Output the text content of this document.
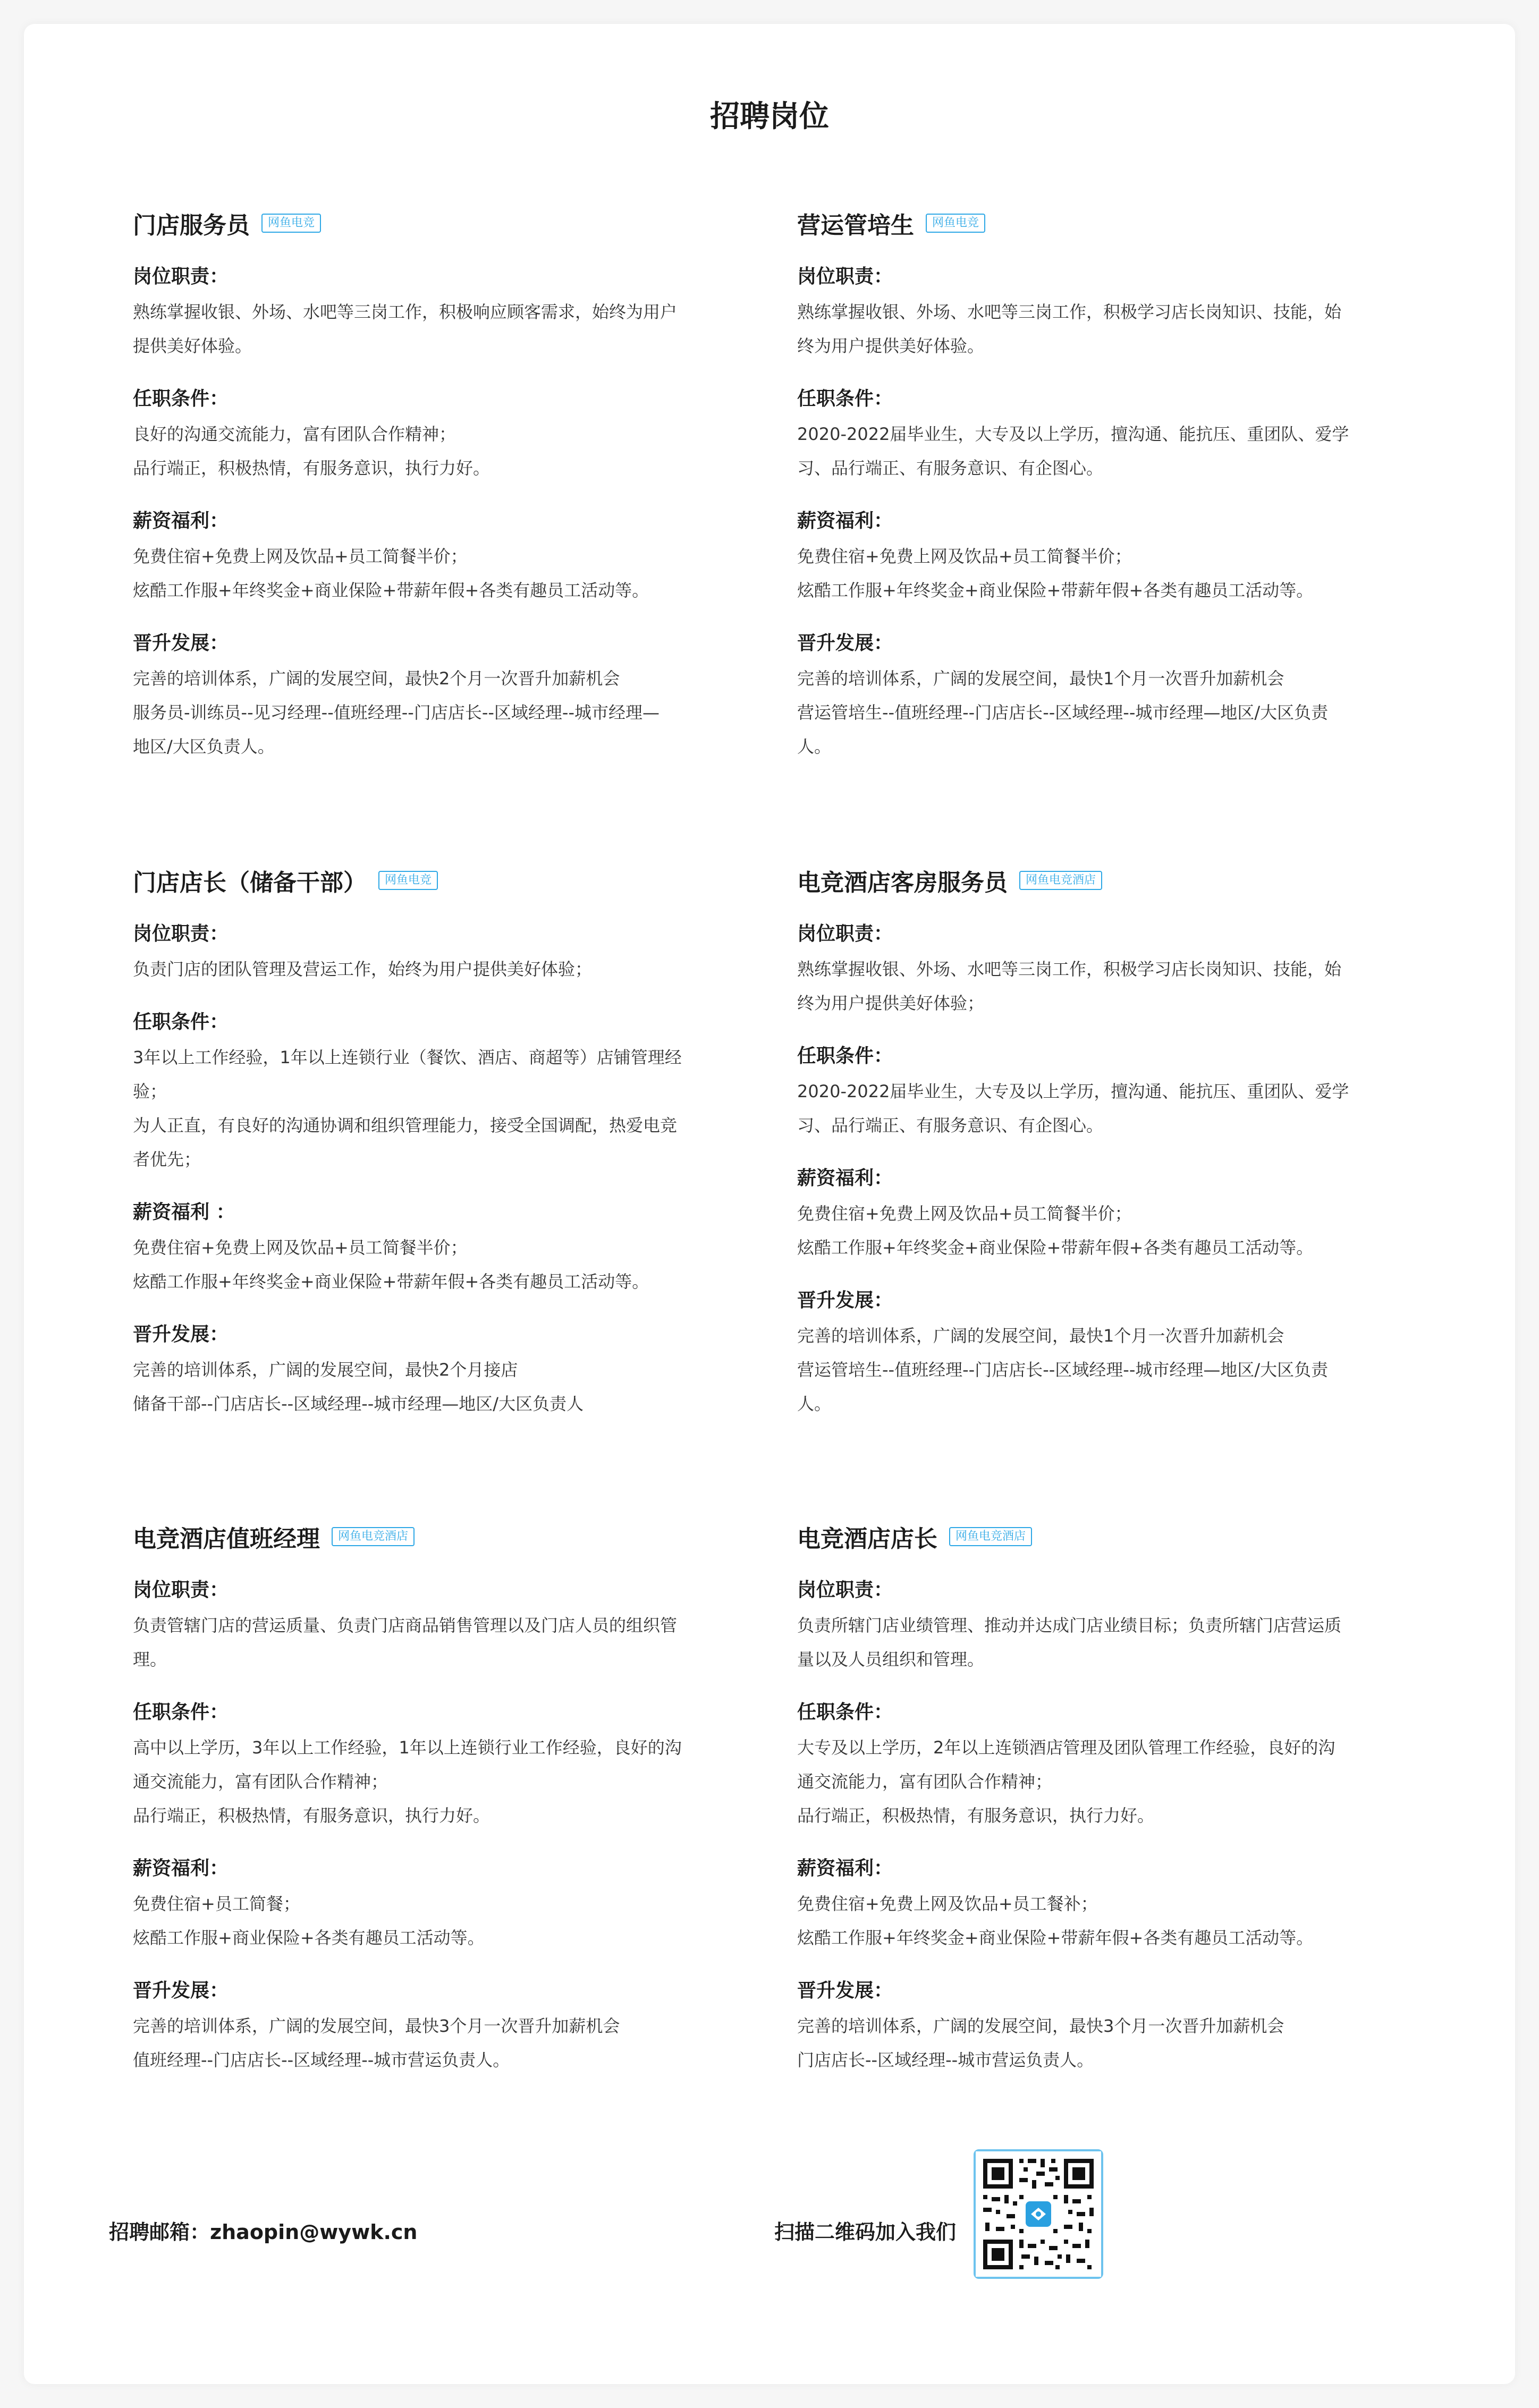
招聘岗位
门店服务员	网鱼电竞
岗位职责：
熟练掌握收银、外场、水吧等三岗工作，积极响应顾客需求，始终为用户
提供美好体验。
任职条件：
良好的沟通交流能力，富有团队合作精神；
品行端正，积极热情，有服务意识，执行力好。
薪资福利：
免费住宿+免费上网及饮品+员工简餐半价；
炫酷工作服+年终奖金+商业保险+带薪年假+各类有趣员工活动等。
晋升发展：
完善的培训体系，广阔的发展空间，最快2个月一次晋升加薪机会
服务员-训练员--见习经理--值班经理--门店店长--区域经理--城市经理—
地区/大区负责人。
营运管培生	网鱼电竞
岗位职责：
熟练掌握收银、外场、水吧等三岗工作，积极学习店长岗知识、技能，始
终为用户提供美好体验。
任职条件：
2020-2022届毕业生，大专及以上学历，擅沟通、能抗压、重团队、爱学
习、品行端正、有服务意识、有企图心。
薪资福利：
免费住宿+免费上网及饮品+员工简餐半价；
炫酷工作服+年终奖金+商业保险+带薪年假+各类有趣员工活动等。
晋升发展：
完善的培训体系，广阔的发展空间，最快1个月一次晋升加薪机会
营运管培生--值班经理--门店店长--区域经理--城市经理—地区/大区负责
人。
门店店长（储备干部）	网鱼电竞
岗位职责：
负责门店的团队管理及营运工作，始终为用户提供美好体验；
任职条件：
3年以上工作经验，1年以上连锁行业（餐饮、酒店、商超等）店铺管理经
验；
为人正直，有良好的沟通协调和组织管理能力，接受全国调配，热爱电竞
者优先；
薪资福利 ：
免费住宿+免费上网及饮品+员工简餐半价；
炫酷工作服+年终奖金+商业保险+带薪年假+各类有趣员工活动等。
晋升发展：
完善的培训体系，广阔的发展空间，最快2个月接店
储备干部--门店店长--区域经理--城市经理—地区/大区负责人
电竞酒店客房服务员	网鱼电竞酒店
岗位职责：
熟练掌握收银、外场、水吧等三岗工作，积极学习店长岗知识、技能，始
终为用户提供美好体验；
任职条件：
2020-2022届毕业生，大专及以上学历，擅沟通、能抗压、重团队、爱学
习、品行端正、有服务意识、有企图心。
薪资福利：
免费住宿+免费上网及饮品+员工简餐半价；
炫酷工作服+年终奖金+商业保险+带薪年假+各类有趣员工活动等。
晋升发展：
完善的培训体系，广阔的发展空间，最快1个月一次晋升加薪机会
营运管培生--值班经理--门店店长--区域经理--城市经理—地区/大区负责
人。
电竞酒店值班经理	网鱼电竞酒店
岗位职责：
负责管辖门店的营运质量、负责门店商品销售管理以及门店人员的组织管
理。
任职条件：
高中以上学历，3年以上工作经验，1年以上连锁行业工作经验，良好的沟
通交流能力，富有团队合作精神；
品行端正，积极热情，有服务意识，执行力好。
薪资福利：
免费住宿+员工简餐；
炫酷工作服+商业保险+各类有趣员工活动等。
晋升发展：
完善的培训体系，广阔的发展空间，最快3个月一次晋升加薪机会
值班经理--门店店长--区域经理--城市营运负责人。
电竞酒店店长	网鱼电竞酒店
岗位职责：
负责所辖门店业绩管理、推动并达成门店业绩目标；负责所辖门店营运质
量以及人员组织和管理。
任职条件：
大专及以上学历，2年以上连锁酒店管理及团队管理工作经验，良好的沟
通交流能力，富有团队合作精神；
品行端正，积极热情，有服务意识，执行力好。
薪资福利：
免费住宿+免费上网及饮品+员工餐补；
炫酷工作服+年终奖金+商业保险+带薪年假+各类有趣员工活动等。
晋升发展：
完善的培训体系，广阔的发展空间，最快3个月一次晋升加薪机会
门店店长--区域经理--城市营运负责人。
招聘邮箱：zhaopin@wywk.cn	扫描二维码加入我们
